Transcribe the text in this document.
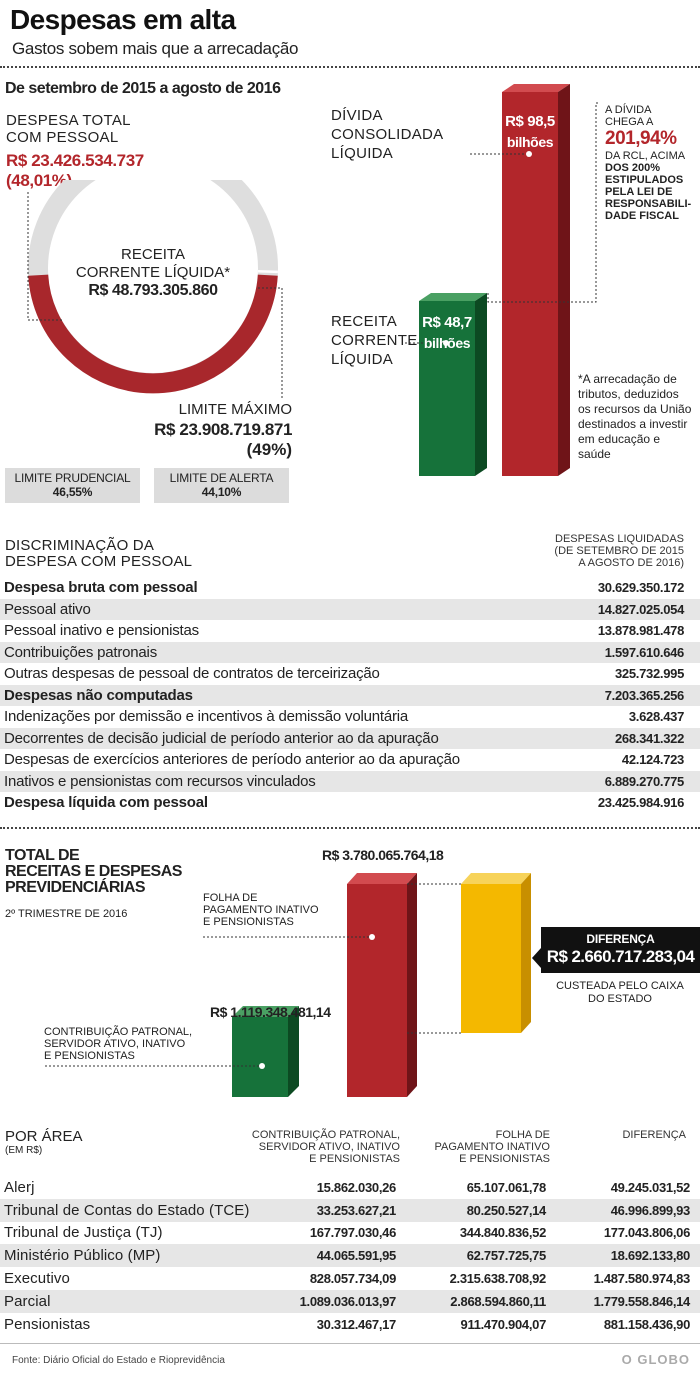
Despesas em alta
Gastos sobem mais que a arrecadação
De setembro de 2015 a agosto de 2016
DESPESA TOTAL
COM PESSOAL
R$ 23.426.534.737
(48,01%)
RECEITA
CORRENTE LÍQUIDA*
R$ 48.793.305.860
LIMITE MÁXIMO
R$ 23.908.719.871
(49%)
LIMITE PRUDENCIAL
46,55%
LIMITE DE ALERTA
44,10%
DÍVIDA
CONSOLIDADA
LÍQUIDA
R$ 98,5
bilhões
RECEITA
CORRENTE
LÍQUIDA
R$ 48,7
bilhões
A DÍVIDA
CHEGA A
201,94%
DA RCL, ACIMA
DOS 200%
ESTIPULADOS
PELA LEI DE
RESPONSABILI-
DADE FISCAL
*A arrecadação de tributos, deduzidos os recursos da União destinados a investir em educação e saúde
DISCRIMINAÇÃO DA
DESPESA COM PESSOAL
DESPESAS LIQUIDADAS
(DE SETEMBRO DE 2015
A AGOSTO DE 2016)
Despesa bruta com pessoal	30.629.350.172
Pessoal ativo	14.827.025.054
Pessoal inativo e pensionistas	13.878.981.478
Contribuições patronais	1.597.610.646
Outras despesas de pessoal de contratos de terceirização	325.732.995
Despesas não computadas	7.203.365.256
Indenizações por demissão e incentivos à demissão voluntária	3.628.437
Decorrentes de decisão judicial de período anterior ao da apuração	268.341.322
Despesas de exercícios anteriores de período anterior ao da apuração	42.124.723
Inativos e pensionistas com recursos vinculados	6.889.270.775
Despesa líquida com pessoal	23.425.984.916
TOTAL DE
RECEITAS E DESPESAS
PREVIDENCIÁRIAS
2º TRIMESTRE DE 2016
R$ 3.780.065.764,18
FOLHA DE
PAGAMENTO INATIVO
E PENSIONISTAS
R$ 1.119.348.481,14
CONTRIBUIÇÃO PATRONAL,
SERVIDOR ATIVO, INATIVO
E PENSIONISTAS
DIFERENÇA
R$ 2.660.717.283,04
CUSTEADA PELO CAIXA
DO ESTADO
POR ÁREA
(EM R$)
CONTRIBUIÇÃO PATRONAL,
SERVIDOR ATIVO, INATIVO
E PENSIONISTAS
FOLHA DE
PAGAMENTO INATIVO
E PENSIONISTAS
DIFERENÇA
Alerj	15.862.030,26	65.107.061,78	49.245.031,52
Tribunal de Contas do Estado (TCE)	33.253.627,21	80.250.527,14	46.996.899,93
Tribunal de Justiça (TJ)	167.797.030,46	344.840.836,52	177.043.806,06
Ministério Público (MP)	44.065.591,95	62.757.725,75	18.692.133,80
Executivo	828.057.734,09	2.315.638.708,92	1.487.580.974,83
Parcial	1.089.036.013,97	2.868.594.860,11	1.779.558.846,14
Pensionistas	30.312.467,17	911.470.904,07	881.158.436,90
Fonte: Diário Oficial do Estado e Rioprevidência	O GLOBO
